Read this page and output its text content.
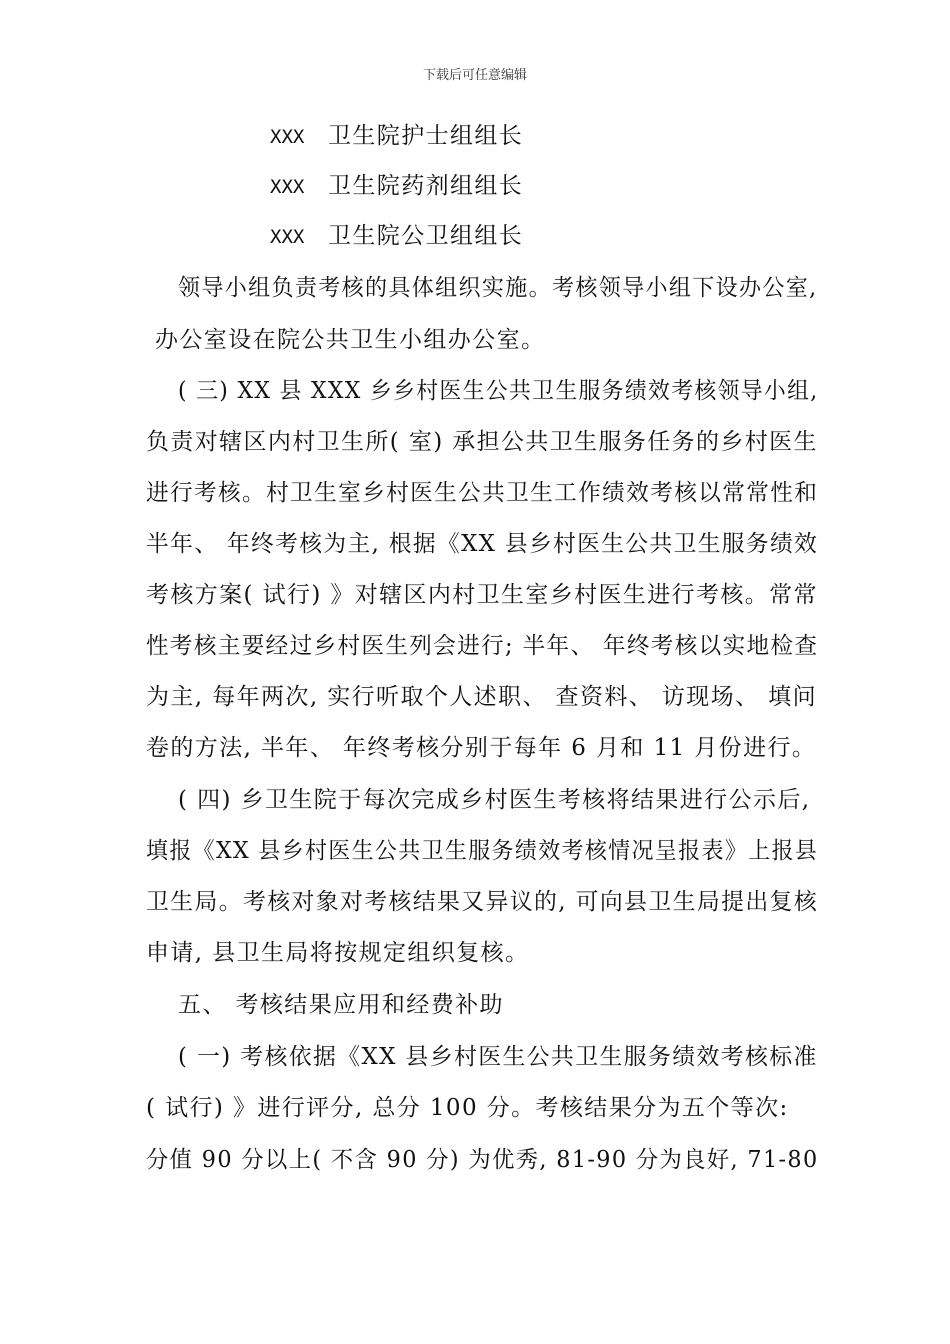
下载后可任意编辑
XXX 卫生院护士组组长
XXX 卫生院药剂组组长
XXX 卫生院公卫组组长
领导小组负责考核的具体组织实施。考核领导小组下设办公室,
办公室设在院公共卫生小组办公室。
( 三) XX 县 XXX 乡乡村医生公共卫生服务绩效考核领导小组,
负责对辖区内村卫生所( 室) 承担公共卫生服务任务的乡村医生
进行考核。村卫生室乡村医生公共卫生工作绩效考核以常常性和
半年、 年终考核为主, 根据《XX 县乡村医生公共卫生服务绩效
考核方案( 试行) 》对辖区内村卫生室乡村医生进行考核。常常
性考核主要经过乡村医生列会进行; 半年、 年终考核以实地检查
为主, 每年两次, 实行听取个人述职、 查资料、 访现场、 填问
卷的方法, 半年、 年终考核分别于每年 6 月和 11 月份进行。
( 四) 乡卫生院于每次完成乡村医生考核将结果进行公示后,
填报《XX 县乡村医生公共卫生服务绩效考核情况呈报表》上报县
卫生局。考核对象对考核结果又异议的, 可向县卫生局提出复核
申请, 县卫生局将按规定组织复核。
五、 考核结果应用和经费补助
( 一) 考核依据《XX 县乡村医生公共卫生服务绩效考核标准
( 试行) 》进行评分, 总分 100 分。考核结果分为五个等次:
分值 90 分以上( 不含 90 分) 为优秀, 81-90 分为良好, 71-80
